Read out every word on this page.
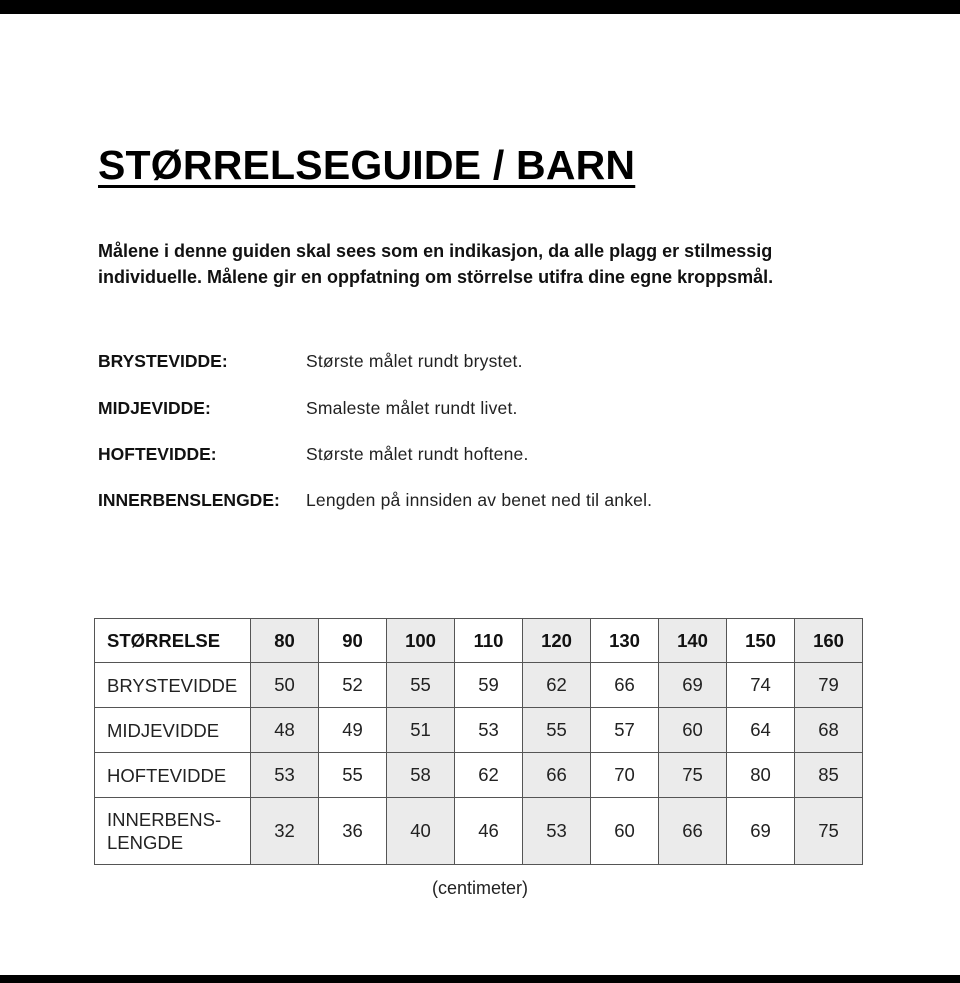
STØRRELSEGUIDE / BARN
Målene i denne guiden skal sees som en indikasjon, da alle plagg er stilmessig
individuelle. Målene gir en oppfatning om störrelse utifra dine egne kroppsmål.
BRYSTEVIDDE:	Største målet rundt brystet.
MIDJEVIDDE:	Smaleste målet rundt livet.
HOFTEVIDDE:	Største målet rundt hoftene.
INNERBENSLENGDE: Lengden på innsiden av benet ned til ankel.
STØRRELSE	80	90	100	110	120	130	140	150	160
BRYSTEVIDDE	50	52	55	59	62	66	69	74	79
MIDJEVIDDE	48	49	51	53	55	57	60	64	68
HOFTEVIDDE	53	55	58	62	66	70	75	80	85

INNERBENS-
LENGDE	32	36	40	46	53	60	66	69	75
(centimeter)
